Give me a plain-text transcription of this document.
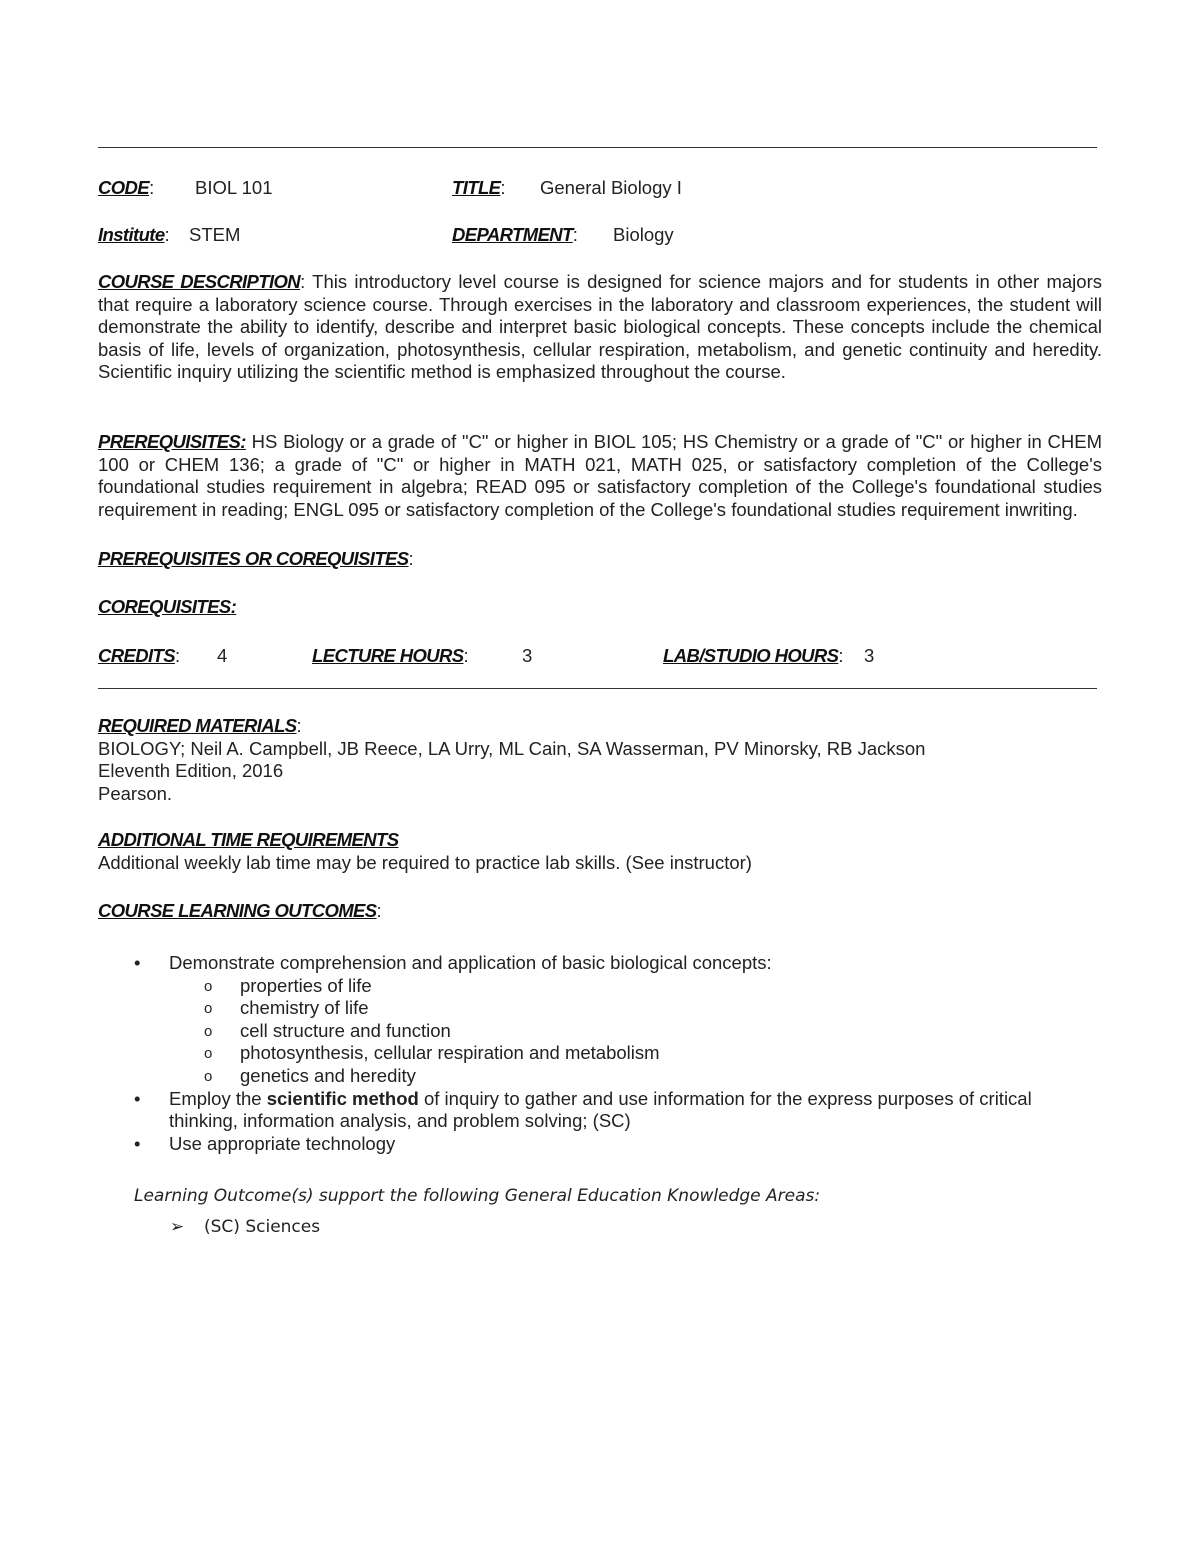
CODE: BIOL 101	TITLE: General Biology I
Institute: STEM	DEPARTMENT: Biology
COURSE DESCRIPTION: This introductory level course is designed for science majors and for students in other majors that require a laboratory science course. Through exercises in the laboratory and classroom experiences, the student will demonstrate the ability to identify, describe and interpret basic biological concepts. These concepts include the chemical basis of life, levels of organization, photosynthesis, cellular respiration, metabolism, and genetic continuity and heredity. Scientific inquiry utilizing the scientific method is emphasized throughout the course.
PREREQUISITES: HS Biology or a grade of "C" or higher in BIOL 105; HS Chemistry or a grade of "C" or higher in CHEM 100 or CHEM 136; a grade of "C" or higher in MATH 021, MATH 025, or satisfactory completion of the College's foundational studies requirement in algebra; READ 095 or satisfactory completion of the College's foundational studies requirement in reading; ENGL 095 or satisfactory completion of the College's foundational studies requirement inwriting.
PREREQUISITES OR COREQUISITES:
COREQUISITES:
CREDITS: 4	LECTURE HOURS:	3	LAB/STUDIO HOURS: 3
REQUIRED MATERIALS:
BIOLOGY; Neil A. Campbell, JB Reece, LA Urry, ML Cain, SA Wasserman, PV Minorsky, RB Jackson
Eleventh Edition, 2016
Pearson.
ADDITIONAL TIME REQUIREMENTS
Additional weekly lab time may be required to practice lab skills. (See instructor)
COURSE LEARNING OUTCOMES:
• Demonstrate comprehension and application of basic biological concepts:
o properties of life
o chemistry of life
o cell structure and function
o photosynthesis, cellular respiration and metabolism
o genetics and heredity
• Employ the scientific method of inquiry to gather and use information for the express purposes of critical thinking, information analysis, and problem solving; (SC)
• Use appropriate technology
Learning Outcome(s) support the following General Education Knowledge Areas:
➢ (SC) Sciences
